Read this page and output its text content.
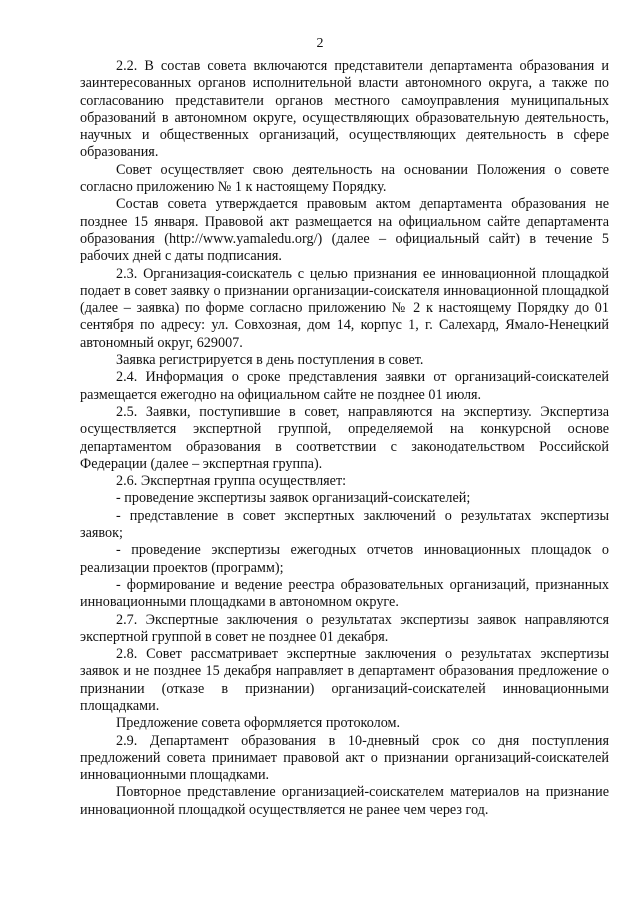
2

2.2. В состав совета включаются представители департамента образования и заинтересованных органов исполнительной власти автономного округа, а также по согласованию представители органов местного самоуправления муниципальных образований в автономном округе, осуществляющих образовательную деятельность, научных и общественных организаций, осуществляющих деятельность в сфере образования.

Совет осуществляет свою деятельность на основании Положения о совете согласно приложению № 1 к настоящему Порядку.

Состав совета утверждается правовым актом департамента образования не позднее 15 января. Правовой акт размещается на официальном сайте департамента образования (http://www.yamaledu.org/) (далее – официальный сайт) в течение 5 рабочих дней с даты подписания.

2.3. Организация-соискатель с целью признания ее инновационной площадкой подает в совет заявку о признании организации-соискателя инновационной площадкой (далее – заявка) по форме согласно приложению № 2 к настоящему Порядку до 01 сентября по адресу: ул. Совхозная, дом 14, корпус 1, г. Салехард, Ямало-Ненецкий автономный округ, 629007.

Заявка регистрируется в день поступления в совет.

2.4. Информация о сроке представления заявки от организаций-соискателей размещается ежегодно на официальном сайте не позднее 01 июля.

2.5. Заявки, поступившие в совет, направляются на экспертизу. Экспертиза осуществляется экспертной группой, определяемой на конкурсной основе департаментом образования в соответствии с законодательством Российской Федерации (далее – экспертная группа).

2.6. Экспертная группа осуществляет:

- проведение экспертизы заявок организаций-соискателей;

- представление в совет экспертных заключений о результатах экспертизы заявок;

- проведение экспертизы ежегодных отчетов инновационных площадок о реализации проектов (программ);

- формирование и ведение реестра образовательных организаций, признанных инновационными площадками в автономном округе.

2.7. Экспертные заключения о результатах экспертизы заявок направляются экспертной группой в совет не позднее 01 декабря.

2.8. Совет рассматривает экспертные заключения о результатах экспертизы заявок и не позднее 15 декабря направляет в департамент образования предложение о признании (отказе в признании) организаций-соискателей инновационными площадками.

Предложение совета оформляется протоколом.

2.9. Департамент образования в 10-дневный срок со дня поступления предложений совета принимает правовой акт о признании организаций-соискателей инновационными площадками.

Повторное представление организацией-соискателем материалов на признание инновационной площадкой осуществляется не ранее чем через год.
